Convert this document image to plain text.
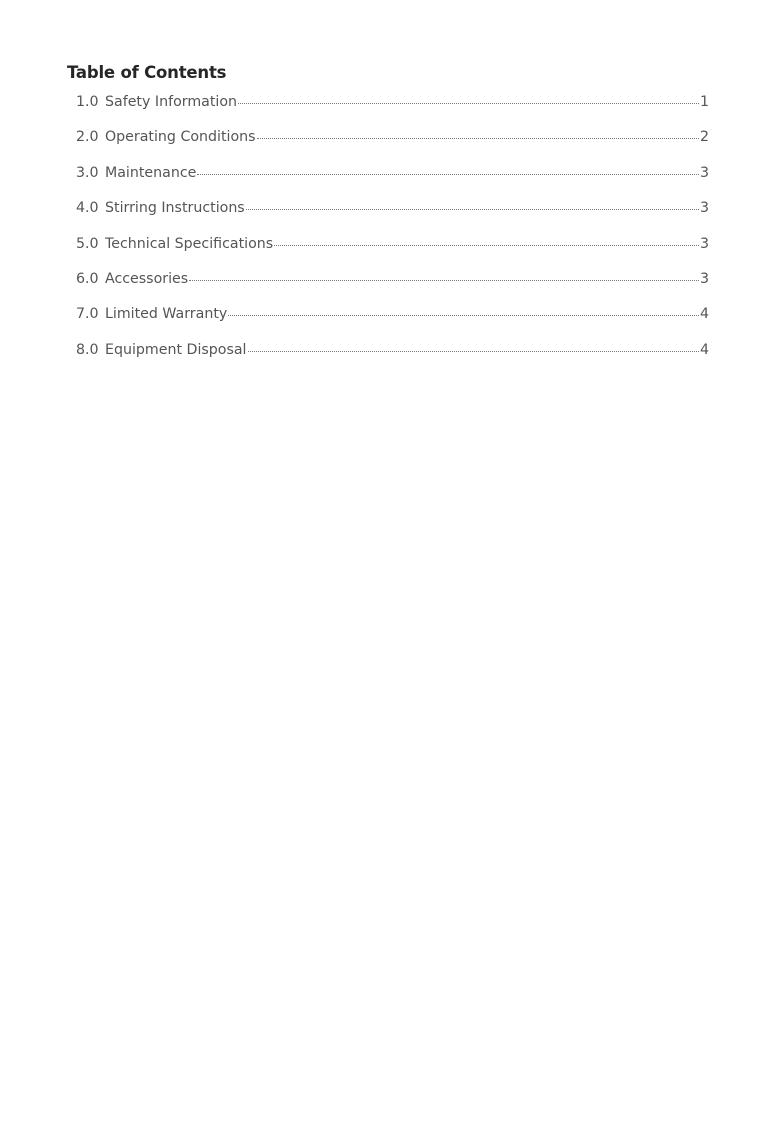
Table of Contents
1.0 Safety Information	1
2.0 Operating Conditions	2
3.0 Maintenance	3
4.0 Stirring Instructions	3
5.0 Technical Specifications	3
6.0 Accessories	3
7.0 Limited Warranty	4
8.0 Equipment Disposal	4
